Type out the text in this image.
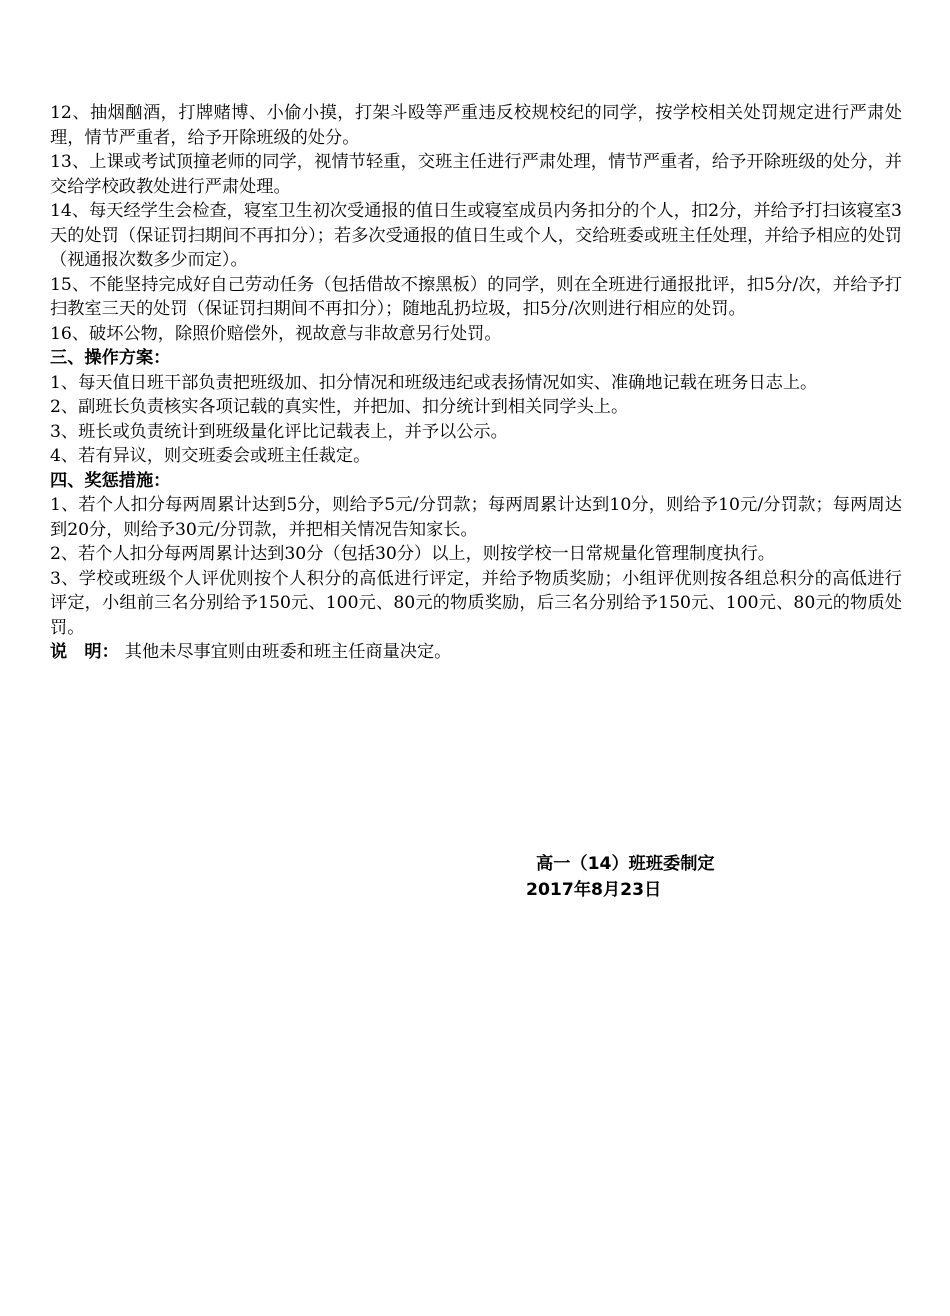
12、抽烟酗酒，打牌赌博、小偷小摸，打架斗殴等严重违反校规校纪的同学，按学校相关处罚规定进行严肃处理，情节严重者，给予开除班级的处分。

13、上课或考试顶撞老师的同学，视情节轻重，交班主任进行严肃处理，情节严重者，给予开除班级的处分，并交给学校政教处进行严肃处理。

14、每天经学生会检查，寝室卫生初次受通报的值日生或寝室成员内务扣分的个人，扣2分，并给予打扫该寝室3天的处罚（保证罚扫期间不再扣分）；若多次受通报的值日生或个人，交给班委或班主任处理，并给予相应的处罚（视通报次数多少而定）。

15、不能坚持完成好自己劳动任务（包括借故不擦黑板）的同学，则在全班进行通报批评，扣5分/次，并给予打扫教室三天的处罚（保证罚扫期间不再扣分）；随地乱扔垃圾，扣5分/次则进行相应的处罚。

16、破坏公物，除照价赔偿外，视故意与非故意另行处罚。

三、操作方案：

1、每天值日班干部负责把班级加、扣分情况和班级违纪或表扬情况如实、准确地记载在班务日志上。

2、副班长负责核实各项记载的真实性，并把加、扣分统计到相关同学头上。

3、班长或负责统计到班级量化评比记载表上，并予以公示。

4、若有异议，则交班委会或班主任裁定。

四、奖惩措施：

1、若个人扣分每两周累计达到5分，则给予5元/分罚款；每两周累计达到10分，则给予10元/分罚款；每两周达到20分，则给予30元/分罚款，并把相关情况告知家长。

2、若个人扣分每两周累计达到30分（包括30分）以上，则按学校一日常规量化管理制度执行。

3、学校或班级个人评优则按个人积分的高低进行评定，并给予物质奖励；小组评优则按各组总积分的高低进行评定，小组前三名分别给予150元、100元、80元的物质奖励，后三名分别给予150元、100元、80元的物质处罚。

说　明： 其他未尽事宜则由班委和班主任商量决定。

高一（14）班班委制定
2017年8月23日
